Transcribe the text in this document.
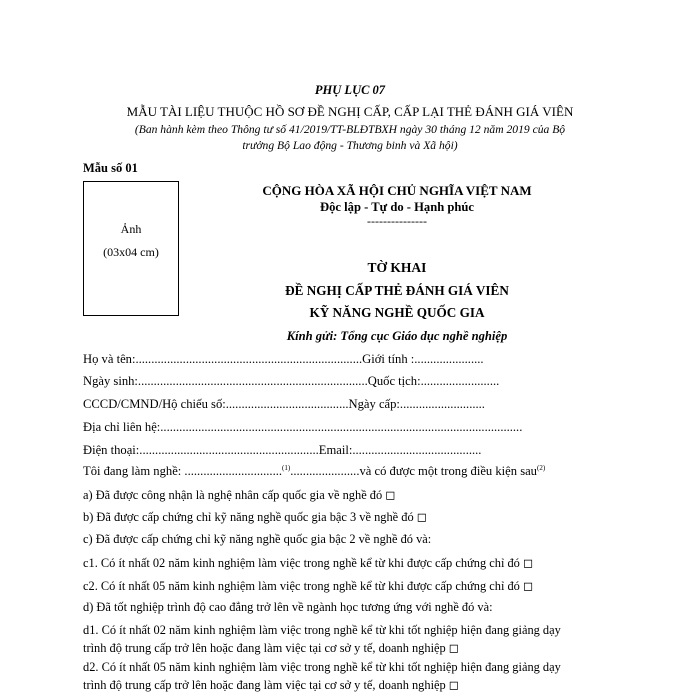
PHỤ LỤC 07
MẪU TÀI LIỆU THUỘC HỒ SƠ ĐỀ NGHỊ CẤP, CẤP LẠI THẺ ĐÁNH GIÁ VIÊN
(Ban hành kèm theo Thông tư số 41/2019/TT-BLĐTBXH ngày 30 tháng 12 năm 2019 của Bộ
trưởng Bộ Lao động - Thương binh và Xã hội)
Mẫu số 01
Ảnh
(03x04 cm)
CỘNG HÒA XÃ HỘI CHỦ NGHĨA VIỆT NAM
Độc lập - Tự do - Hạnh phúc
---------------
TỜ KHAI
ĐỀ NGHỊ CẤP THẺ ĐÁNH GIÁ VIÊN
KỸ NĂNG NGHỀ QUỐC GIA
Kính gửi: Tổng cục Giáo dục nghề nghiệp
Họ và tên:........................................................................Giới tính :......................
Ngày sinh:.........................................................................Quốc tịch:.........................
CCCD/CMND/Hộ chiếu số:.......................................Ngày cấp:...........................
Địa chỉ liên hệ:...................................................................................................................
Điện thoại:.........................................................Email:.........................................
Tôi đang làm nghề: ...............................$^{(1)}$......................và có được một trong điều kiện sau$^{(2)}$
a) Đã được công nhận là nghệ nhân cấp quốc gia về nghề đó ◻
b) Đã được cấp chứng chỉ kỹ năng nghề quốc gia bậc 3 về nghề đó ◻
c) Đã được cấp chứng chỉ kỹ năng nghề quốc gia bậc 2 về nghề đó và:
c1. Có ít nhất 02 năm kinh nghiệm làm việc trong nghề kể từ khi được cấp chứng chỉ đó ◻
c2. Có ít nhất 05 năm kinh nghiệm làm việc trong nghề kể từ khi được cấp chứng chỉ đó ◻
d) Đã tốt nghiệp trình độ cao đẳng trở lên về ngành học tương ứng với nghề đó và:
d1. Có ít nhất 02 năm kinh nghiệm làm việc trong nghề kể từ khi tốt nghiệp hiện đang giảng dạy
trình độ trung cấp trở lên hoặc đang làm việc tại cơ sở y tế, doanh nghiệp ◻
d2. Có ít nhất 05 năm kinh nghiệm làm việc trong nghề kể từ khi tốt nghiệp hiện đang giảng dạy
trình độ trung cấp trở lên hoặc đang làm việc tại cơ sở y tế, doanh nghiệp ◻
